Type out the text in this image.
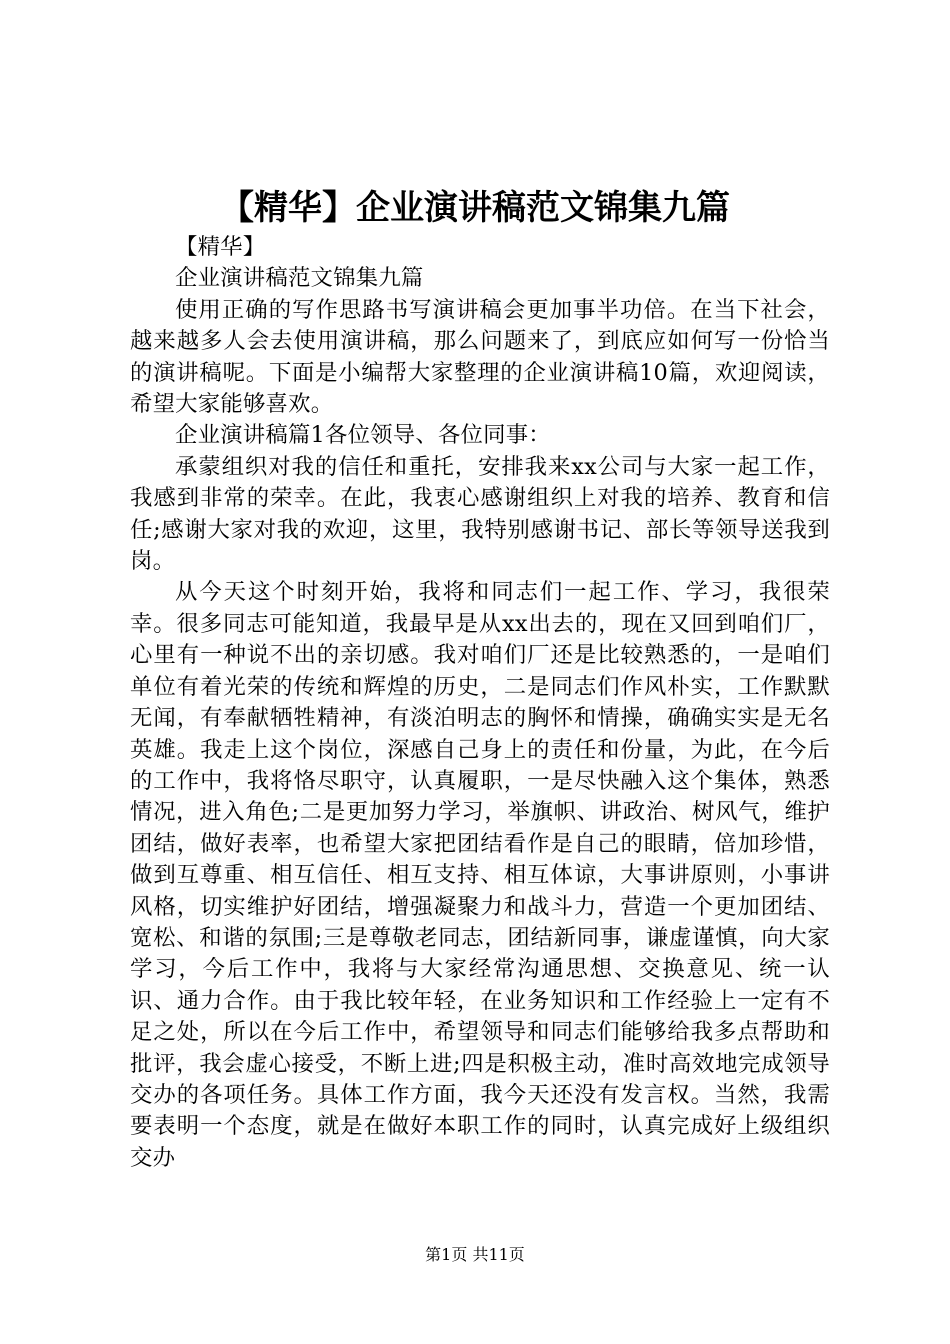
【精华】企业演讲稿范文锦集九篇

【精华】

企业演讲稿范文锦集九篇

使用正确的写作思路书写演讲稿会更加事半功倍。在当下社会，越来越多人会去使用演讲稿，那么问题来了，到底应如何写一份恰当的演讲稿呢。下面是小编帮大家整理的企业演讲稿10篇，欢迎阅读，希望大家能够喜欢。

企业演讲稿篇1各位领导、各位同事：

承蒙组织对我的信任和重托，安排我来xx公司与大家一起工作，我感到非常的荣幸。在此，我衷心感谢组织上对我的培养、教育和信任;感谢大家对我的欢迎，这里，我特别感谢书记、部长等领导送我到岗。

从今天这个时刻开始，我将和同志们一起工作、学习，我很荣幸。很多同志可能知道，我最早是从xx出去的，现在又回到咱们厂，心里有一种说不出的亲切感。我对咱们厂还是比较熟悉的，一是咱们单位有着光荣的传统和辉煌的历史，二是同志们作风朴实，工作默默无闻，有奉献牺牲精神，有淡泊明志的胸怀和情操，确确实实是无名英雄。我走上这个岗位，深感自己身上的责任和份量，为此，在今后的工作中，我将恪尽职守，认真履职，一是尽快融入这个集体，熟悉情况，进入角色;二是更加努力学习，举旗帜、讲政治、树风气，维护团结，做好表率，也希望大家把团结看作是自己的眼睛，倍加珍惜，做到互尊重、相互信任、相互支持、相互体谅，大事讲原则，小事讲风格，切实维护好团结，增强凝聚力和战斗力，营造一个更加团结、宽松、和谐的氛围;三是尊敬老同志，团结新同事，谦虚谨慎，向大家学习，今后工作中，我将与大家经常沟通思想、交换意见、统一认识、通力合作。由于我比较年轻，在业务知识和工作经验上一定有不足之处，所以在今后工作中，希望领导和同志们能够给我多点帮助和批评，我会虚心接受，不断上进;四是积极主动，准时高效地完成领导交办的各项任务。具体工作方面，我今天还没有发言权。当然，我需要表明一个态度，就是在做好本职工作的同时，认真完成好上级组织交办

第1页 共11页
